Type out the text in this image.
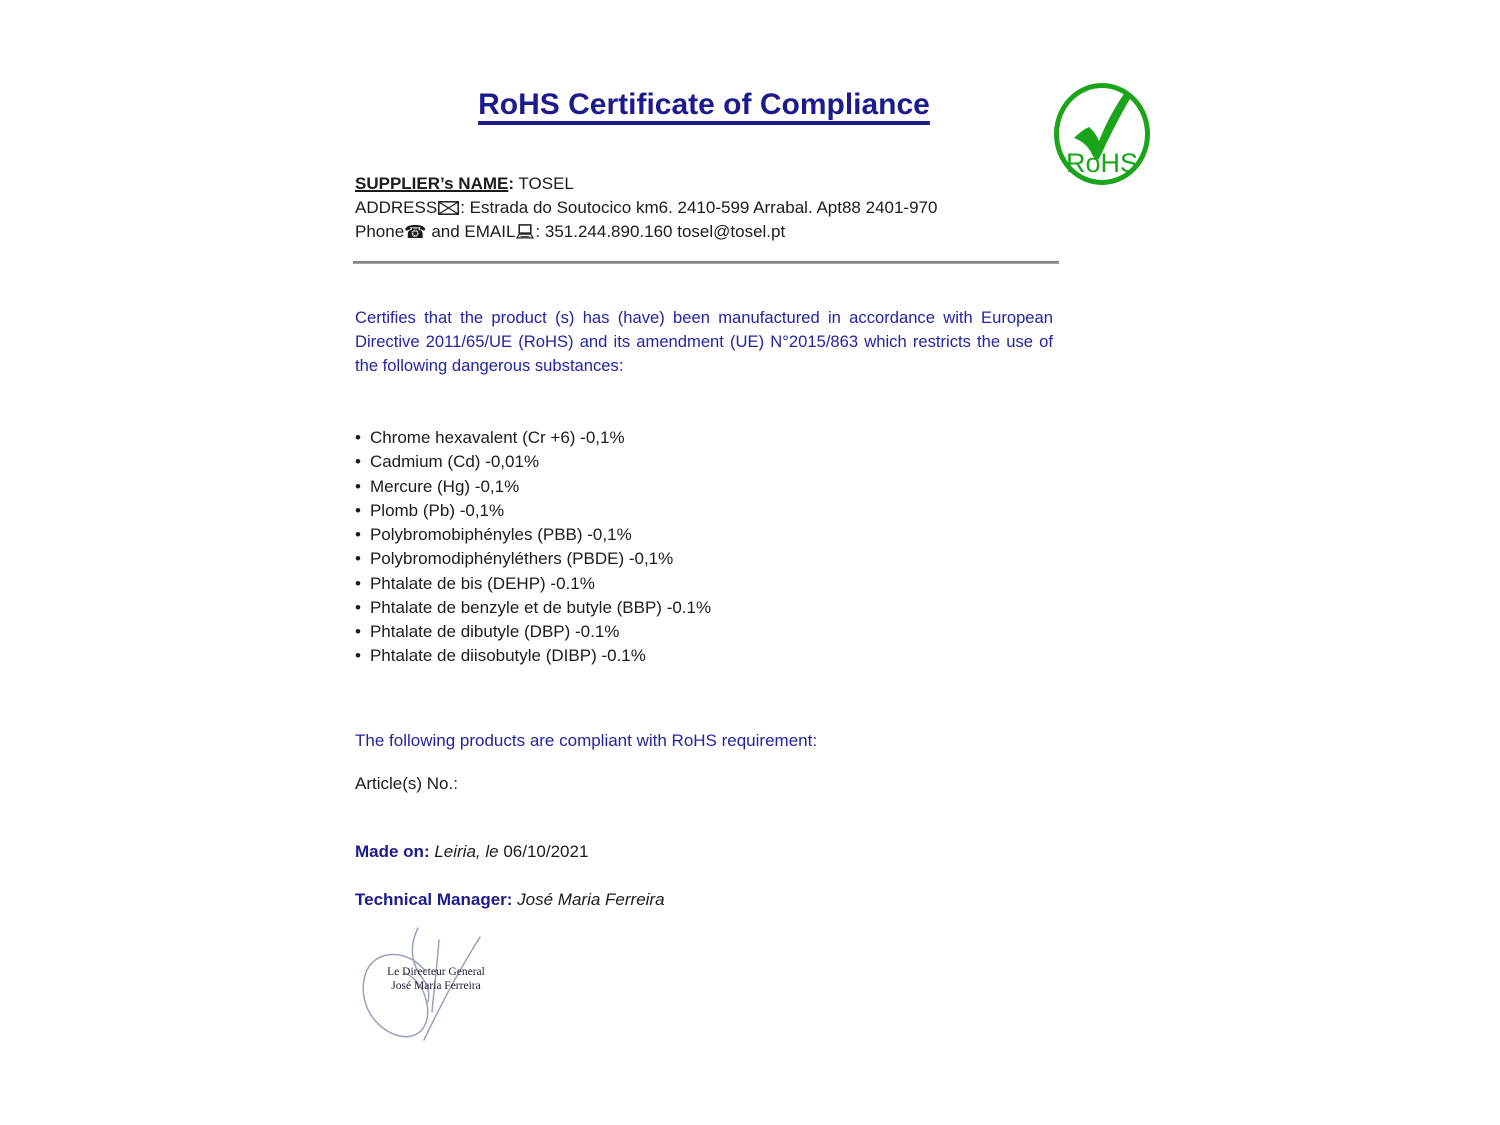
RoHS Certificate of Compliance
RoHS
SUPPLIER’s NAME: TOSEL
ADDRESS : Estrada do Soutocico km6. 2410-599 Arrabal. Apt88 2401-970
Phone☎ and EMAIL : 351.244.890.160 tosel@tosel.pt
Certifies that the product (s) has (have) been manufactured in accordance with European Directive 2011/65/UE (RoHS) and its amendment (UE) N°2015/863 which restricts the use of the following dangerous substances:
• Chrome hexavalent (Cr +6) -0,1%
• Cadmium (Cd) -0,01%
• Mercure (Hg) -0,1%
• Plomb (Pb) -0,1%
• Polybromobiphényles (PBB) -0,1%
• Polybromodiphényléthers (PBDE) -0,1%
• Phtalate de bis (DEHP) -0.1%
• Phtalate de benzyle et de butyle (BBP) -0.1%
• Phtalate de dibutyle (DBP) -0.1%
• Phtalate de diisobutyle (DIBP) -0.1%
The following products are compliant with RoHS requirement:
Article(s) No.:
Made on: Leiria, le 06/10/2021
Technical Manager: José Maria Ferreira
Le Directeur General
José Maria Ferreira
